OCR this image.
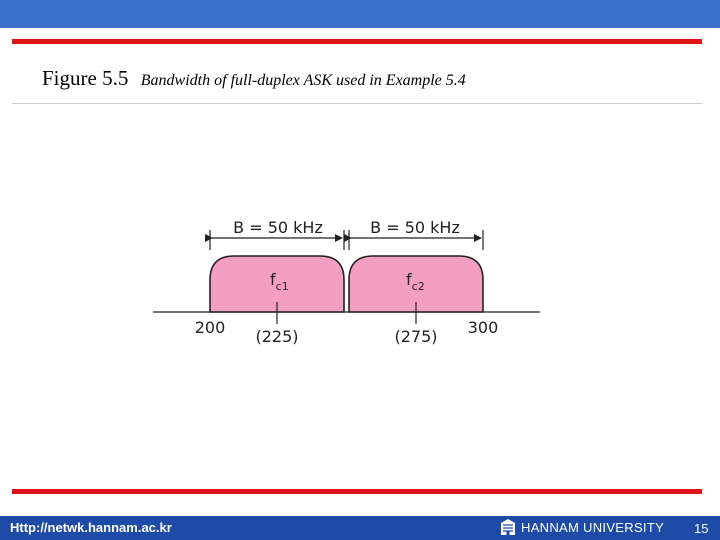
Figure 5.5 Bandwidth of full-duplex ASK used in Example 5.4
B = 50 kHz	B = 50 kHz
$f_{c1}$	$f_{c2}$
200 (225)	(275) 300
Http://netwk.hannam.ac.kr	HANNAM UNIVERSITY 15
